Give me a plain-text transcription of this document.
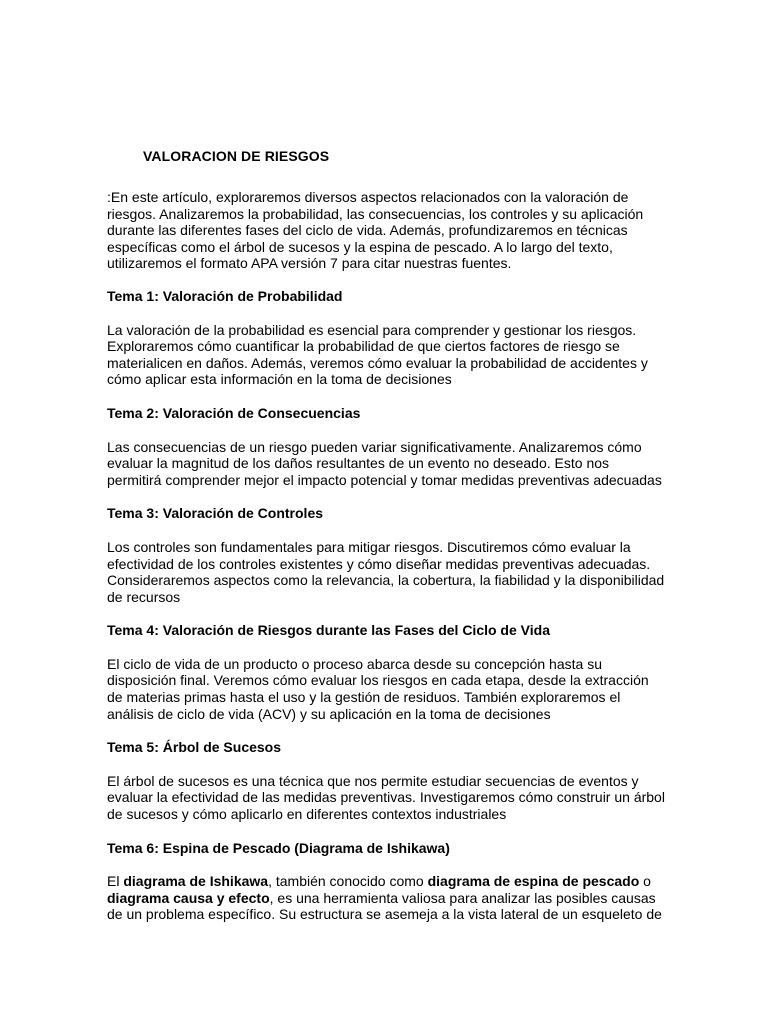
VALORACION DE RIESGOS

:En este artículo, exploraremos diversos aspectos relacionados con la valoración de riesgos. Analizaremos la probabilidad, las consecuencias, los controles y su aplicación durante las diferentes fases del ciclo de vida. Además, profundizaremos en técnicas específicas como el árbol de sucesos y la espina de pescado. A lo largo del texto, utilizaremos el formato APA versión 7 para citar nuestras fuentes.

Tema 1: Valoración de Probabilidad

La valoración de la probabilidad es esencial para comprender y gestionar los riesgos. Exploraremos cómo cuantificar la probabilidad de que ciertos factores de riesgo se materialicen en daños. Además, veremos cómo evaluar la probabilidad de accidentes y cómo aplicar esta información en la toma de decisiones

Tema 2: Valoración de Consecuencias

Las consecuencias de un riesgo pueden variar significativamente. Analizaremos cómo evaluar la magnitud de los daños resultantes de un evento no deseado. Esto nos permitirá comprender mejor el impacto potencial y tomar medidas preventivas adecuadas

Tema 3: Valoración de Controles

Los controles son fundamentales para mitigar riesgos. Discutiremos cómo evaluar la efectividad de los controles existentes y cómo diseñar medidas preventivas adecuadas. Consideraremos aspectos como la relevancia, la cobertura, la fiabilidad y la disponibilidad de recursos

Tema 4: Valoración de Riesgos durante las Fases del Ciclo de Vida

El ciclo de vida de un producto o proceso abarca desde su concepción hasta su disposición final. Veremos cómo evaluar los riesgos en cada etapa, desde la extracción de materias primas hasta el uso y la gestión de residuos. También exploraremos el análisis de ciclo de vida (ACV) y su aplicación en la toma de decisiones

Tema 5: Árbol de Sucesos

El árbol de sucesos es una técnica que nos permite estudiar secuencias de eventos y evaluar la efectividad de las medidas preventivas. Investigaremos cómo construir un árbol de sucesos y cómo aplicarlo en diferentes contextos industriales

Tema 6: Espina de Pescado (Diagrama de Ishikawa)

El diagrama de Ishikawa, también conocido como diagrama de espina de pescado o diagrama causa y efecto, es una herramienta valiosa para analizar las posibles causas de un problema específico. Su estructura se asemeja a la vista lateral de un esqueleto de
